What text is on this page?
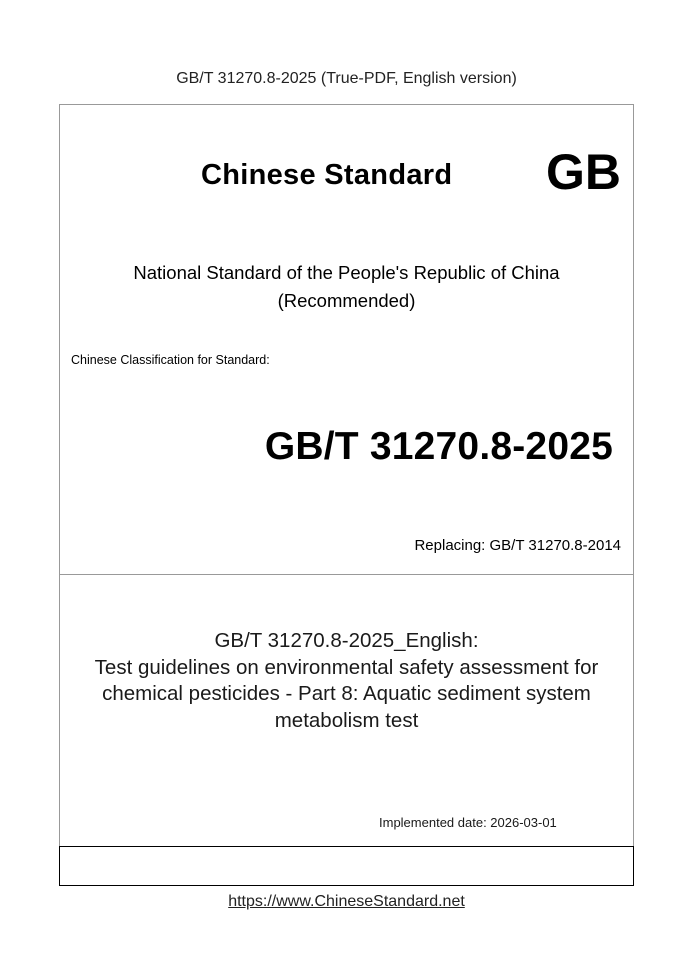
GB/T 31270.8-2025 (True-PDF, English version)
Chinese Standard GB
National Standard of the People's Republic of China
(Recommended)
Chinese Classification for Standard:
GB/T 31270.8-2025
Replacing: GB/T 31270.8-2014
GB/T 31270.8-2025_English:
Test guidelines on environmental safety assessment for
chemical pesticides - Part 8: Aquatic sediment system
metabolism test
Implemented date: 2026-03-01
https://www.ChineseStandard.net
